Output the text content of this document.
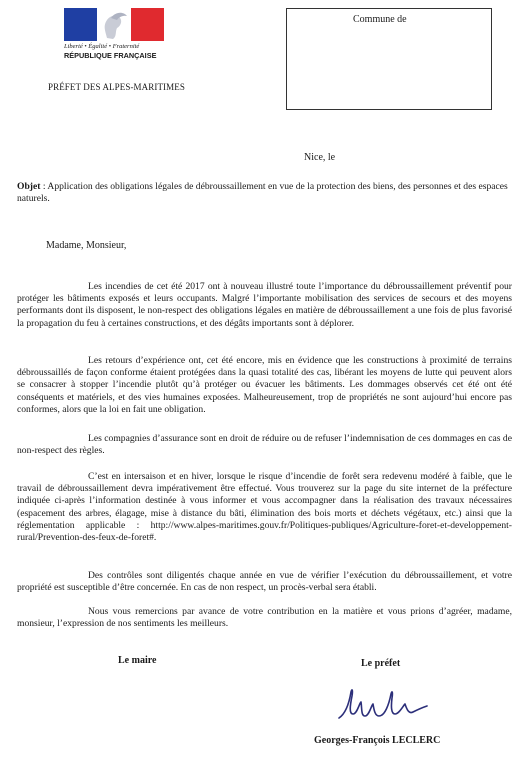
Liberté • Égalité • Fraternité
RÉPUBLIQUE FRANÇAISE
PRÉFET DES ALPES-MARITIMES
Commune de
Nice, le
Objet : Application des obligations légales de débroussaillement en vue de la protection des biens, des personnes et des espaces naturels.
Madame, Monsieur,
Les incendies de cet été 2017 ont à nouveau illustré toute l’importance du débroussaillement préventif pour protéger les bâtiments exposés et leurs occupants. Malgré l’importante mobilisation des services de secours et des moyens performants dont ils disposent, le non-respect des obligations légales en matière de débroussaillement a une fois de plus favorisé la propagation du feu à certaines constructions, et des dégâts importants sont à déplorer.
Les retours d’expérience ont, cet été encore, mis en évidence que les constructions à proximité de terrains débroussaillés de façon conforme étaient protégées dans la quasi totalité des cas, libérant les moyens de lutte qui peuvent alors se consacrer à stopper l’incendie plutôt qu’à protéger ou évacuer les bâtiments. Les dommages observés cet été ont été conséquents et matériels, et des vies humaines exposées. Malheureusement, trop de propriétés ne sont aujourd’hui encore pas conformes, alors que la loi en fait une obligation.
Les compagnies d’assurance sont en droit de réduire ou de refuser l’indemnisation de ces dommages en cas de non-respect des règles.
C’est en intersaison et en hiver, lorsque le risque d’incendie de forêt sera redevenu modéré à faible, que le travail de débroussaillement devra impérativement être effectué. Vous trouverez sur la page du site internet de la préfecture indiquée ci-après l’information destinée à vous informer et vous accompagner dans la réalisation des travaux nécessaires (espacement des arbres, élagage, mise à distance du bâti, élimination des bois morts et déchets végétaux, etc.) ainsi que la réglementation applicable : http://www.alpes-maritimes.gouv.fr/Politiques-publiques/Agriculture-foret-et-developpement-rural/Prevention-des-feux-de-foret#.
Des contrôles sont diligentés chaque année en vue de vérifier l’exécution du débroussaillement, et votre propriété est susceptible d’être concernée. En cas de non respect, un procès-verbal sera établi.
Nous vous remercions par avance de votre contribution en la matière et vous prions d’agréer, madame, monsieur, l’expression de nos sentiments les meilleurs.
Le maire	Le préfet
Georges-François LECLERC
